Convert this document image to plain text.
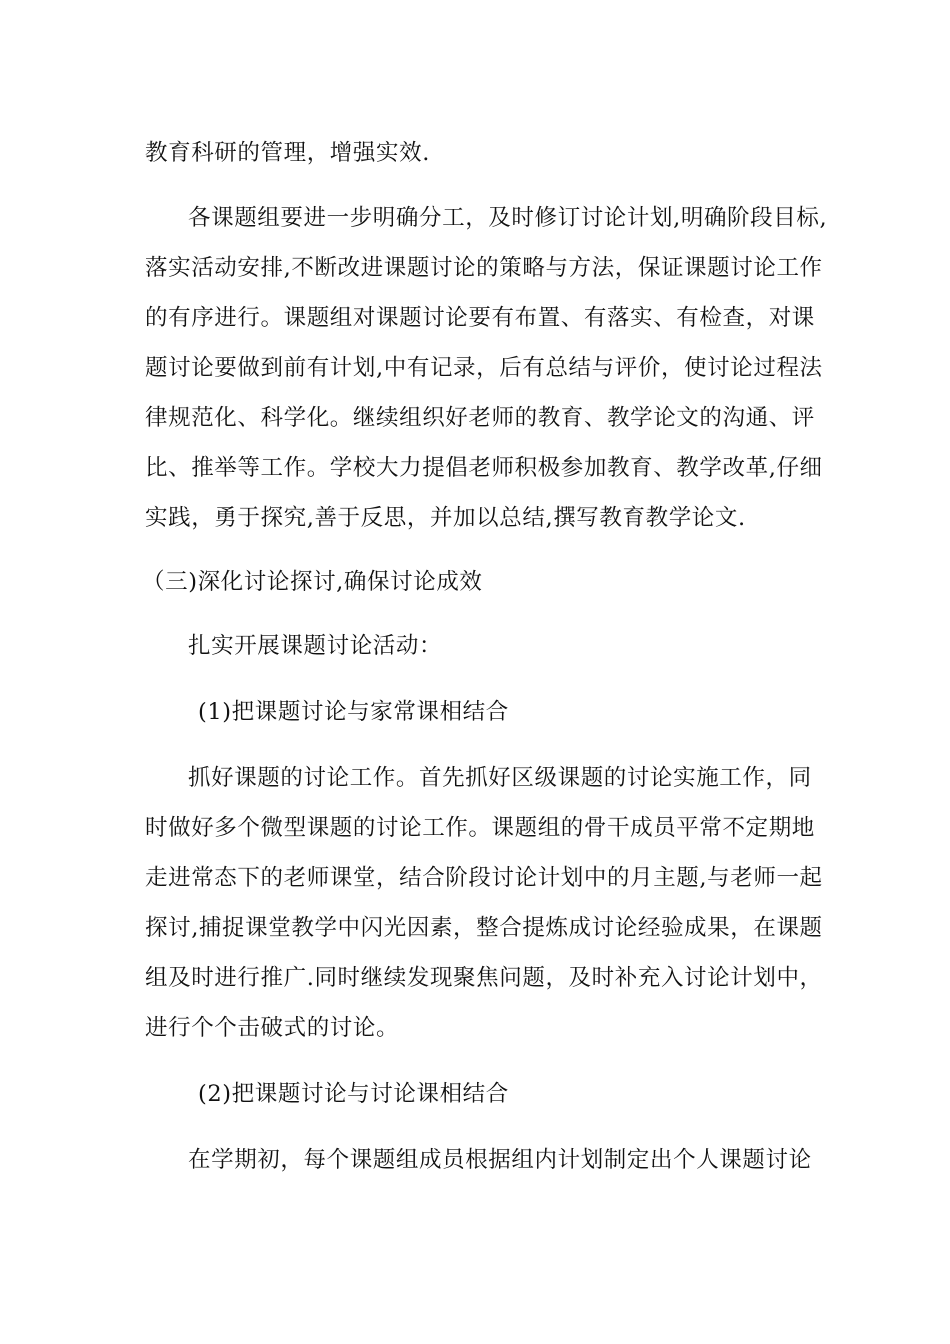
教育科研的管理，增强实效.
各课题组要进一步明确分工，及时修订讨论计划,明确阶段目标,
落实活动安排,不断改进课题讨论的策略与方法，保证课题讨论工作
的有序进行。课题组对课题讨论要有布置、有落实、有检查，对课
题讨论要做到前有计划,中有记录，后有总结与评价，使讨论过程法
律规范化、科学化。继续组织好老师的教育、教学论文的沟通、评
比、推举等工作。学校大力提倡老师积极参加教育、教学改革,仔细
实践，勇于探究,善于反思，并加以总结,撰写教育教学论文.
（三)深化讨论探讨,确保讨论成效
扎实开展课题讨论活动：
(1)把课题讨论与家常课相结合
抓好课题的讨论工作。首先抓好区级课题的讨论实施工作，同
时做好多个微型课题的讨论工作。课题组的骨干成员平常不定期地
走进常态下的老师课堂，结合阶段讨论计划中的月主题,与老师一起
探讨,捕捉课堂教学中闪光因素，整合提炼成讨论经验成果，在课题
组及时进行推广.同时继续发现聚焦问题，及时补充入讨论计划中，
进行个个击破式的讨论。
(2)把课题讨论与讨论课相结合
在学期初，每个课题组成员根据组内计划制定出个人课题讨论
